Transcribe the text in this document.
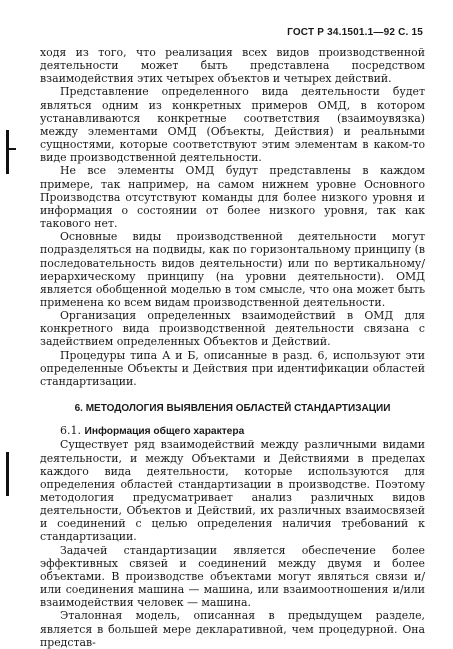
ГОСТ Р 34.1501.1—92 С. 15

ходя из того, что реализация всех видов производственной деятельности может быть представлена посредством взаимодействия этих четырех объектов и четырех действий.

Представление определенного вида деятельности будет являться одним из конкретных примеров ОМД, в котором устанавливаются конкретные соответствия (взаимоувязка) между элементами ОМД (Объекты, Действия) и реальными сущностями, которые соответствуют этим элементам в каком-то виде производственной деятельности.

Не все элементы ОМД будут представлены в каждом примере, так например, на самом нижнем уровне Основного Производства отсутствуют команды для более низкого уровня и информация о состоянии от более низкого уровня, так как такового нет.

Основные виды производственной деятельности могут подразделяться на подвиды, как по горизонтальному принципу (в последовательность видов деятельности) или по вертикальному/иерархическому принципу (на уровни деятельности). ОМД является обобщенной моделью в том смысле, что она может быть применена ко всем видам производственной деятельности.

Организация определенных взаимодействий в ОМД для конкретного вида производственной деятельности связана с задействием определенных Объектов и Действий.

Процедуры типа А и Б, описанные в разд. 6, используют эти определенные Объекты и Действия при идентификации областей стандартизации.

6. МЕТОДОЛОГИЯ ВЫЯВЛЕНИЯ ОБЛАСТЕЙ СТАНДАРТИЗАЦИИ

6.1. Информация общего характера

Существует ряд взаимодействий между различными видами деятельности, и между Объектами и Действиями в пределах каждого вида деятельности, которые используются для определения областей стандартизации в производстве. Поэтому методология предусматривает анализ различных видов деятельности, Объектов и Действий, их различных взаимосвязей и соединений с целью определения наличия требований к стандартизации.

Задачей стандартизации является обеспечение более эффективных связей и соединений между двумя и более объектами. В производстве объектами могут являться связи и/или соединения машина — машина, или взаимоотношения и/или взаимодействия человек — машина.

Эталонная модель, описанная в предыдущем разделе, является в большей мере декларативной, чем процедурной. Она представ-
